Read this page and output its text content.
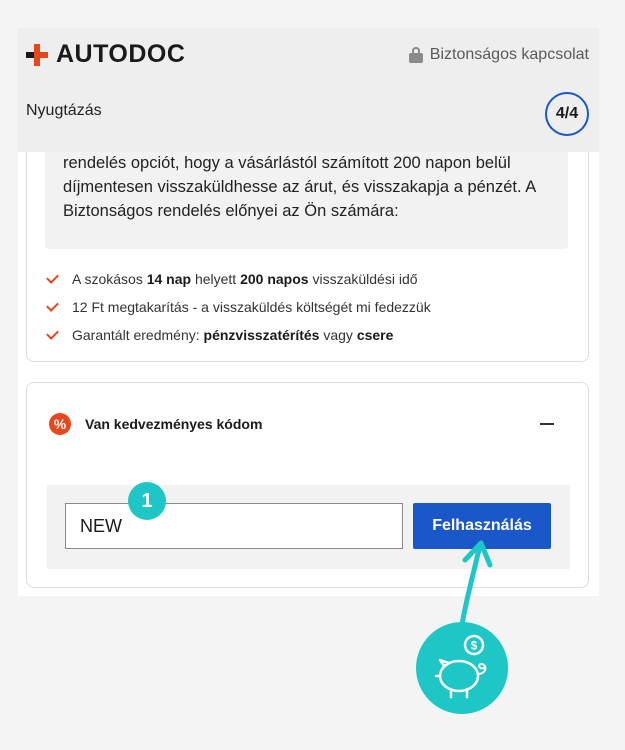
rendelés opciót, hogy a vásárlástól számított 200 napon belül díjmentesen visszaküldhesse az árut, és visszakapja a pénzét. A Biztonságos rendelés előnyei az Ön számára:

A szokásos 14 nap helyett 200 napos visszaküldési idő
12 Ft megtakarítás - a visszaküldés költségét mi fedezzük
Garantált eredmény: pénzvisszatérítés vagy csere
%	Van kedvezményes kódom
NEW
Felhasználás
AUTODOC	Biztonságos kapcsolat
Nyugtázás	4/4
1
$
